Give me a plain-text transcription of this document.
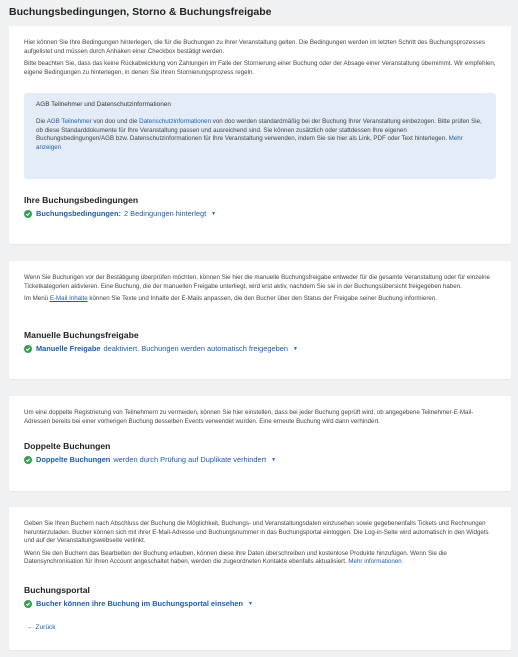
Buchungsbedingungen, Storno & Buchungsfreigabe

Hier können Sie Ihre Bedingungen hinterlegen, die für die Buchungen zu Ihrer Veranstaltung gelten. Die Bedingungen werden im letzten Schritt des Buchungsprozesses aufgelistet und müssen durch Anhaken einer Checkbox bestätigt werden.

Bitte beachten Sie, dass das keine Rückabwicklung von Zahlungen im Falle der Stornierung einer Buchung oder der Absage einer Veranstaltung übernimmt. Wir empfehlen, eigene Bedingungen zu hinterlegen, in denen Sie Ihren Stornierungsprozess regeln.

AGB Teilnehmer und Datenschutzinformationen
Die AGB Teilnehmer von doo und die Datenschutzinformationen von doo werden standardmäßig bei der Buchung Ihrer Veranstaltung einbezogen. Bitte prüfen Sie, ob diese Standarddokumente für Ihre Veranstaltung passen und ausreichend sind. Sie können zusätzlich oder stattdessen Ihre eigenen Buchungsbedingungen/AGB bzw. Datenschutzinformationen für Ihre Veranstaltung verwenden, indem Sie sie hier als Link, PDF oder Text hinterlegen. Mehr anzeigen
Ihre Buchungsbedingungen
Buchungsbedingungen: 2 Bedingungen hinterlegt ▼

Wenn Sie Buchungen vor der Bestätigung überprüfen möchten, können Sie hier die manuelle Buchungsfreigabe entweder für die gesamte Veranstaltung oder für einzelne Ticketkategorien aktivieren. Eine Buchung, die der manuellen Freigabe unterliegt, wird erst aktiv, nachdem Sie sie in der Buchungsübersicht freigegeben haben.

Im Menü E-Mail Inhalte können Sie Texte und Inhalte der E-Mails anpassen, die den Bucher über den Status der Freigabe seiner Buchung informieren.

Manuelle Buchungsfreigabe
Manuelle Freigabe deaktiviert. Buchungen werden automatisch freigegeben ▼

Um eine doppelte Registrierung von Teilnehmern zu vermeiden, können Sie hier einstellen, dass bei jeder Buchung geprüft wird, ob angegebene Teilnehmer-E-Mail-Adressen bereits bei einer vorherigen Buchung desselben Events verwendet wurden. Eine erneute Buchung wird dann verhindert.

Doppelte Buchungen
Doppelte Buchungen werden durch Prüfung auf Duplikate verhindert ▼

Geben Sie Ihren Buchern nach Abschluss der Buchung die Möglichkeit, Buchungs- und Veranstaltungsdaten einzusehen sowie gegebenenfalls Tickets und Rechnungen herunterzuladen. Bucher können sich mit ihrer E-Mail-Adresse und Buchungsnummer in das Buchungsportal einloggen. Die Log-in-Seite wird automatisch in den Widgets und auf der Veranstaltungswebseite verlinkt.

Wenn Sie den Buchern das Bearbeiten der Buchung erlauben, können diese ihre Daten überschreiben und kostenlose Produkte hinzufügen. Wenn Sie die Datensynchronisation für Ihren Account angeschaltet haben, werden die zugeordneten Kontakte ebenfalls aktualisiert. Mehr informationen

Buchungsportal
Bucher können ihre Buchung im Buchungsportal einsehen ▼
← Zurück
